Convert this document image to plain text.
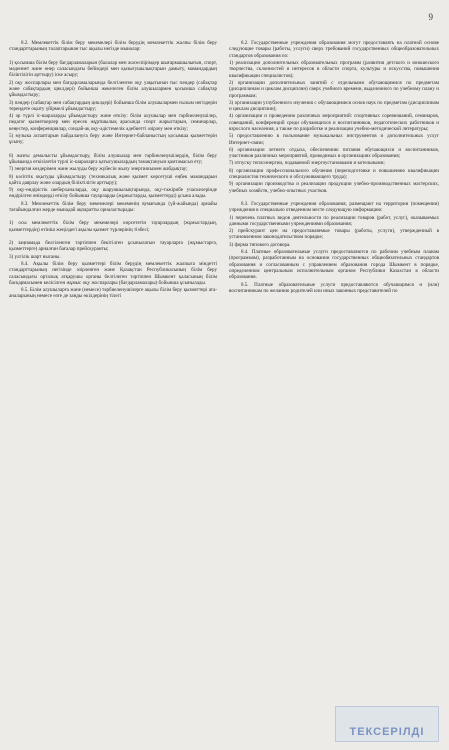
9

8.2. Мемлекеттік білім беру мекемелері білім берудің мемлекеттік жалпы білім беру стандарттарының талаптарынан тыс ақылы негізде мыналар:

1) қосымша білім беру бағдарламаларын (балалар мен жасөспірімдер шығармашылығын, спорт, мәдениет және өнер саласындағы бейімдері мен қызығушылықтарын дамыту, мамандардың біліктілігін арттыру) іске асыру;

2) оқу жоспарлары мен бағдарламаларында белгіленген оқу уақытынан тыс пәндер (сабақтар және сабақтардың циклдері) бойынша жекелеген білім алушылармен қосымша сабақтар ұйымдастыру;

3) пәндер (сабақтар мен сабақтардың циклдері) бойынша білім алушылармен ғылым негіздерін тереңдете оқыту үйірмелі ұйымдастыру;

4) әр түрлі іс-шараларды ұйымдастыру және өткізу: білім алушылар мен тәрбиеленушілер, педагог қызметкерлер мен ересек жұртшылық арасында спорт жарыстарын, семинарлар, кеңестер, конференциялар, сондай-ақ оқу-әдістемелік әдебиетті әзірлеу мен өткізу;

5) музыка аспаптарын пайдалануға беру және Интернет-байланыстың қосымша қызметтерін ұсыну;

6) жазғы демалысты ұйымдастыру, білім алушылар мен тәрбиеленушілердің, білім беру ұйымында өткізілетін түрлі іс-шараларға қатысушылардың тамақтануын қамтамасыз ету;

7) энергия көздерімен және жылуды беру жүйесін жылу энергиясымен жабдықтау;

8) кәсіптік оқытуды ұйымдастыру (техникалық және қызмет көрсетуші еңбек мамандарын қайта даярлау және олардың біліктілігін арттыру);

9) оқу-өндірістік шеберханаларда, оқу шаруашылықтарында, оқу-тәжірибе учаскелерінде өндірілген өнімдерді өткізу бойынша тауарларды (жұмыстарды, қызметтерді) ұсына алады.

8.3. Мемлекеттік білім беру мекемелері мекеменің вумағында (үй-жайында) арнайы тағайындалған жерде мынадай ақпаратты орналастырады:

1) осы мемлекеттік білім беру мекемелері көрсететін тауарлардың (жұмыстардың, қызметтердің) өтініш жеңілдегі ақылы қызмет түрлерінің тізбесі;

2) заңнамада белгіленген тәртіппен бекітілген ұсынылатын тауарларға (жұмыстарға, қызметтерге) арналған бағалар прейскуранты;

3) үлгілік шарт нысаны.

8.4. Ақылы білім беру қызметтері білім берудің мемлекеттік жалпыға міндетті стандарттарының негізінде әзірленген және Қазақстан Республикасының білім беру саласындағы орталық атқарушы органы белгілеген тәртіппен Шымкент қаласының білім басқармасымен келісілген жұмыс оқу жоспарлары (бағдарламалары) бойынша ұсынылады.

8.5. Білім алушыларға және (немесе) тәрбиеленушілерге ақылы білім беру қызметтері ата-аналарының немесе өзге де заңды өкілдерінің тілегі

8.2. Государственные учреждения образования могут предоставлять на платной основе следующие товары (работы, услуги) сверх требований государственных общеобразовательных стандартов образования по:

1) реализации дополнительных образовательных программ (развития детского и юношеского творчества, склонностей и интересов в области спорта, культуры и искусства, повышения квалификации специалистов);

2) организации дополнительных занятий с отдельными обучающимися по предметам (дисциплинам и циклам дисциплин) сверх учебного времени, выделенного по учебному плану и программам;

3) организации углубленного изучения с обучающимися основ наук по предметам (дисциплинам и циклам дисциплин);

4) организации и проведению различных мероприятий: спортивных соревнований, семинаров, совещаний, конференций среди обучающихся и воспитанников, педагогических работников и взрослого населения, а также по разработке и реализации учебно-методической литературы;

5) предоставлению в пользование музыкальных инструментов и дополнительных услуг Интернет-связи;

6) организации летнего отдыха, обеспечению питания обучающихся и воспитанников, участников различных мероприятий, проводимых в организациях образования;

7) отпуску теплоэнергии, подаваемой энергоустановками и котельными;

8) организации профессионального обучения (переподготовке и повышению квалификации специалистов технического и обслуживающего труда);

9) организации производства и реализации продукции учебно-производственных мастерских, учебных хозяйств, учебно-опытных участков.

8.3. Государственные учреждения образования, размещают на территории (помещении) учреждения в специально отведенном месте следующую информацию:

1) перечень платных видов деятельности по реализации товаров (работ, услуг), оказываемых данными государственными учреждениями образования;

2) прейскурант цен на предоставляемые товары (работы, услуги), утвержденный в установленном законодательством порядке;

3) форма типового договора.

8.4. Платные образовательные услуги предоставляются по рабочим учебным планам (программам), разработанным на основании государственных общеобязательных стандартов образования и согласованным с управлением образования города Шымкент в порядке, определенном центральным исполнительным органом Республики Казахстан в области образования.

8.5. Платные образовательные услуги предоставляются обучающимся и (или) воспитанникам по желанию родителей или иных законных представителей по

ТЕКСЕРІЛДІ
